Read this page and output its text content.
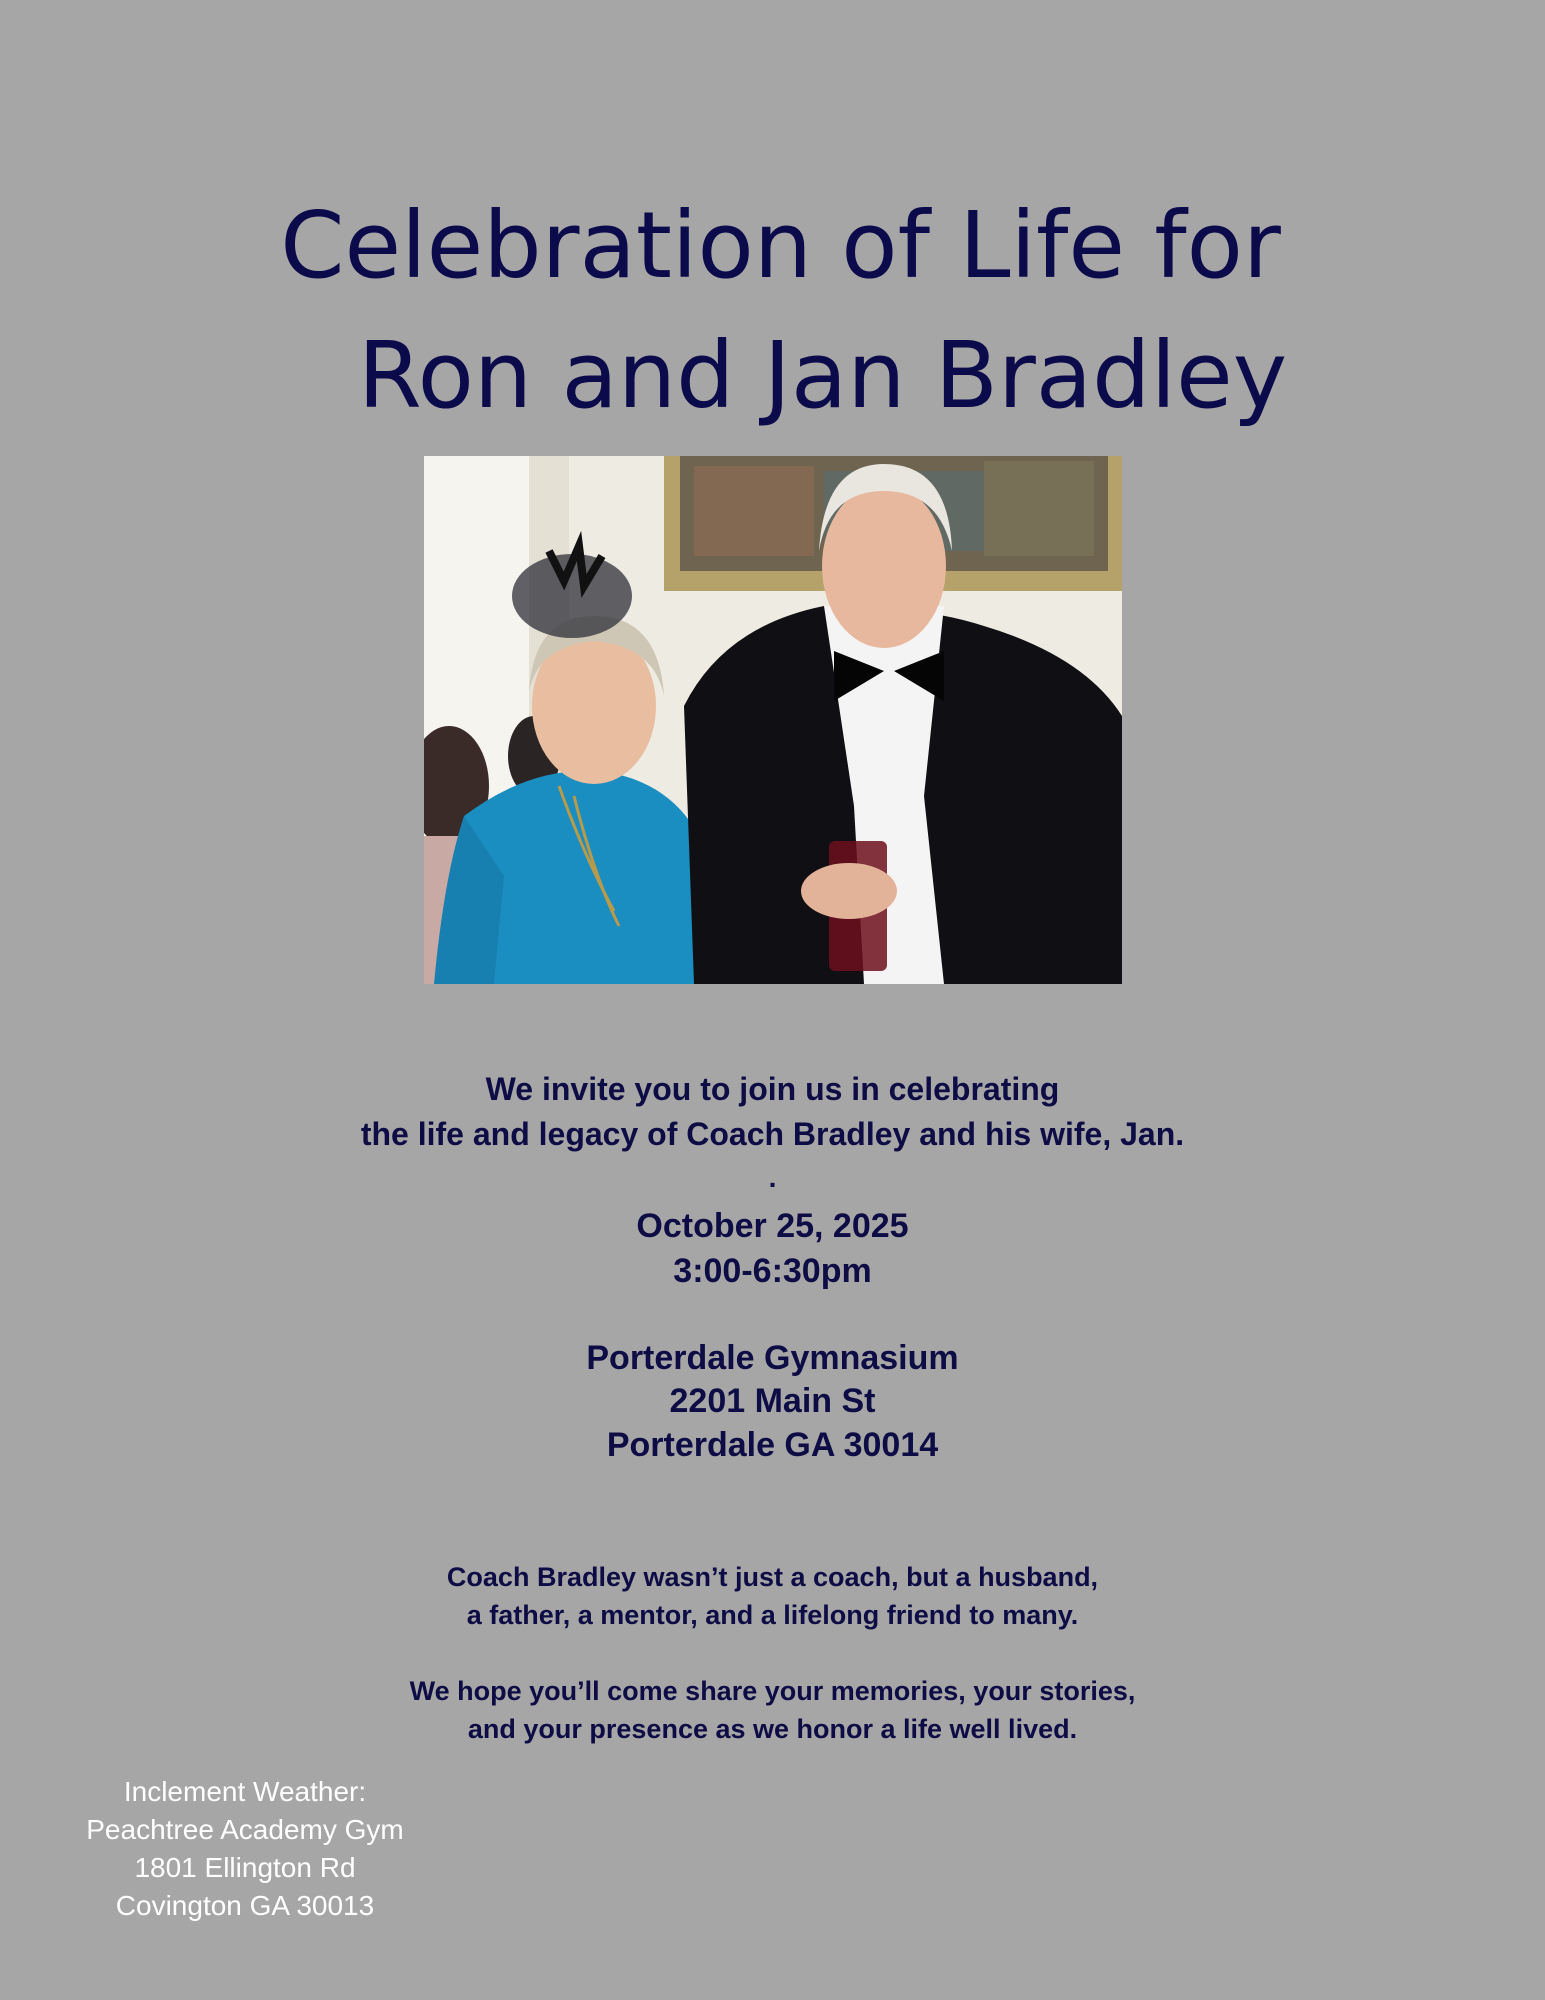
Celebration of Life for
Ron and Jan Bradley
We invite you to join us in celebrating
the life and legacy of Coach Bradley and his wife, Jan.
.
October 25, 2025
3:00-6:30pm
Porterdale Gymnasium
2201 Main St
Porterdale GA 30014
Coach Bradley wasn’t just a coach, but a husband,
a father, a mentor, and a lifelong friend to many.
We hope you’ll come share your memories, your stories,
and your presence as we honor a life well lived.
Inclement Weather:
Peachtree Academy Gym
1801 Ellington Rd
Covington GA 30013
